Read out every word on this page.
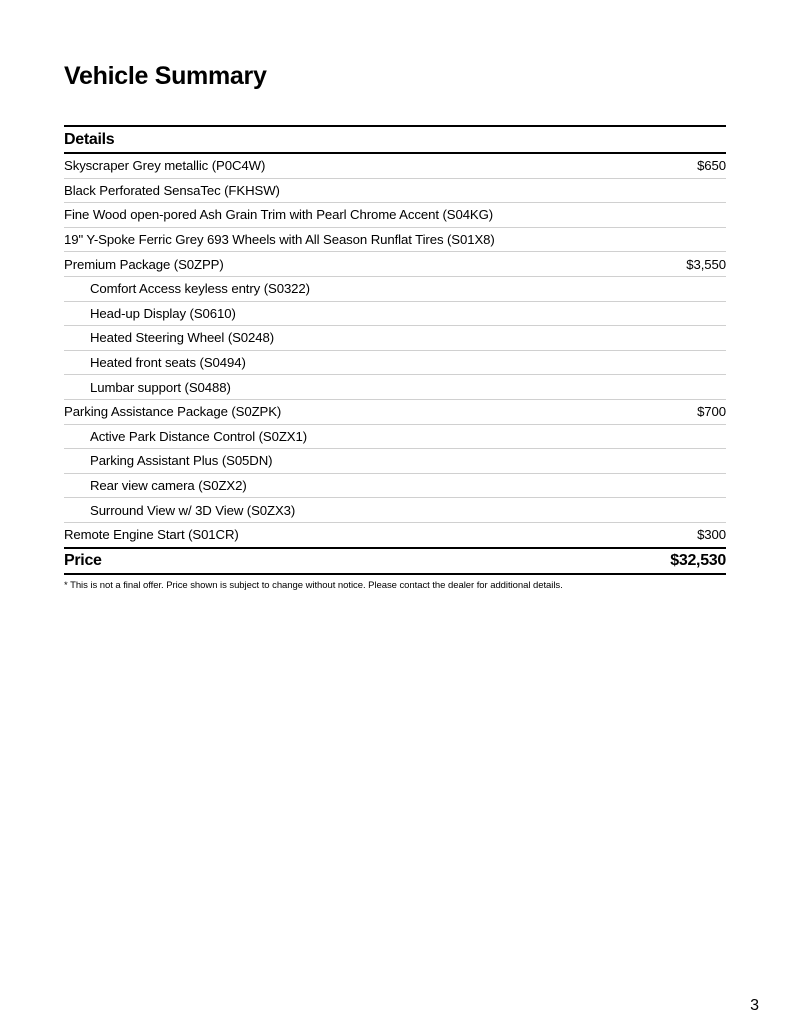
Vehicle Summary
Details
Skyscraper Grey metallic (P0C4W)	$650
Black Perforated SensaTec (FKHSW)
Fine Wood open-pored Ash Grain Trim with Pearl Chrome Accent (S04KG)
19" Y-Spoke Ferric Grey 693 Wheels with All Season Runflat Tires (S01X8)
Premium Package (S0ZPP)	$3,550
Comfort Access keyless entry (S0322)
Head-up Display (S0610)
Heated Steering Wheel (S0248)
Heated front seats (S0494)
Lumbar support (S0488)
Parking Assistance Package (S0ZPK)	$700
Active Park Distance Control (S0ZX1)
Parking Assistant Plus (S05DN)
Rear view camera (S0ZX2)
Surround View w/ 3D View (S0ZX3)
Remote Engine Start (S01CR)	$300
Price	$32,530
* This is not a final offer. Price shown is subject to change without notice. Please contact the dealer for additional details.
3
